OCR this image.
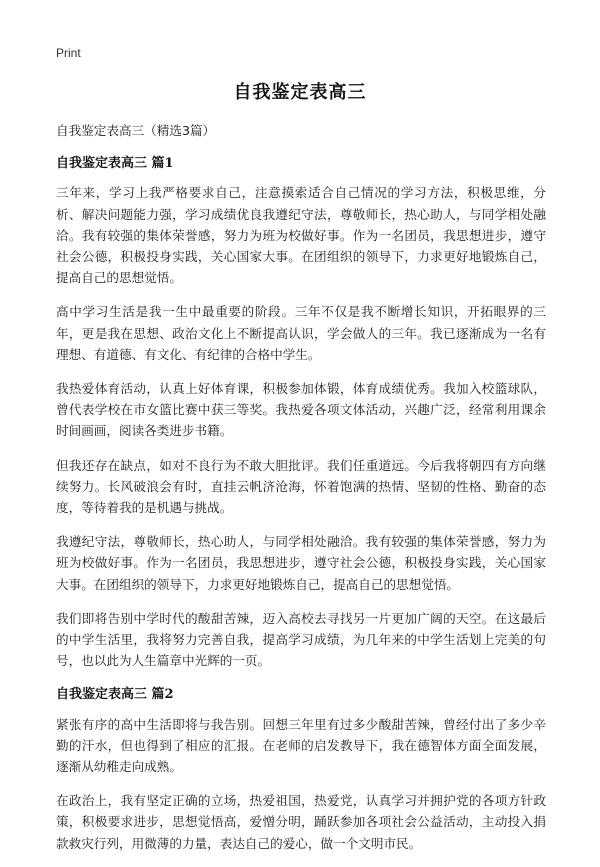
Print
自我鉴定表高三

自我鉴定表高三（精选3篇）

自我鉴定表高三 篇1

三年来，学习上我严格要求自己，注意摸索适合自己情况的学习方法，积极思维，分析、解决问题能力强，学习成绩优良我遵纪守法，尊敬师长，热心助人，与同学相处融洽。我有较强的集体荣誉感，努力为班为校做好事。作为一名团员，我思想进步，遵守社会公德，积极投身实践，关心国家大事。在团组织的领导下，力求更好地锻炼自己，提高自己的思想觉悟。

高中学习生活是我一生中最重要的阶段。三年不仅是我不断增长知识，开拓眼界的三年，更是我在思想、政治文化上不断提高认识，学会做人的三年。我已逐渐成为一名有理想、有道德、有文化、有纪律的合格中学生。

我热爱体育活动，认真上好体育课，积极参加体锻，体育成绩优秀。我加入校篮球队，曾代表学校在市女篮比赛中获三等奖。我热爱各项文体活动，兴趣广泛，经常利用课余时间画画，阅读各类进步书籍。

但我还存在缺点，如对不良行为不敢大胆批评。我们任重道远。今后我将朝四有方向继续努力。长风破浪会有时，直挂云帆济沧海，怀着饱满的热情、坚韧的性格、勤奋的态度，等待着我的是机遇与挑战。

我遵纪守法，尊敬师长，热心助人，与同学相处融洽。我有较强的集体荣誉感，努力为班为校做好事。作为一名团员，我思想进步，遵守社会公德，积极投身实践，关心国家大事。在团组织的领导下，力求更好地锻炼自己，提高自己的思想觉悟。

我们即将告别中学时代的酸甜苦辣，迈入高校去寻找另一片更加广阔的天空。在这最后的中学生活里，我将努力完善自我，提高学习成绩，为几年来的中学生活划上完美的句号，也以此为人生篇章中光辉的一页。

自我鉴定表高三 篇2

紧张有序的高中生活即将与我告别。回想三年里有过多少酸甜苦辣，曾经付出了多少辛勤的汗水，但也得到了相应的汇报。在老师的启发教导下，我在德智体方面全面发展，逐渐从幼稚走向成熟。

在政治上，我有坚定正确的立场，热爱祖国，热爱党，认真学习并拥护党的各项方针政策，积极要求进步，思想觉悟高，爱憎分明，踊跃参加各项社会公益活动，主动投入捐款救灾行列，用微薄的力量，表达自己的爱心，做一个文明市民。
